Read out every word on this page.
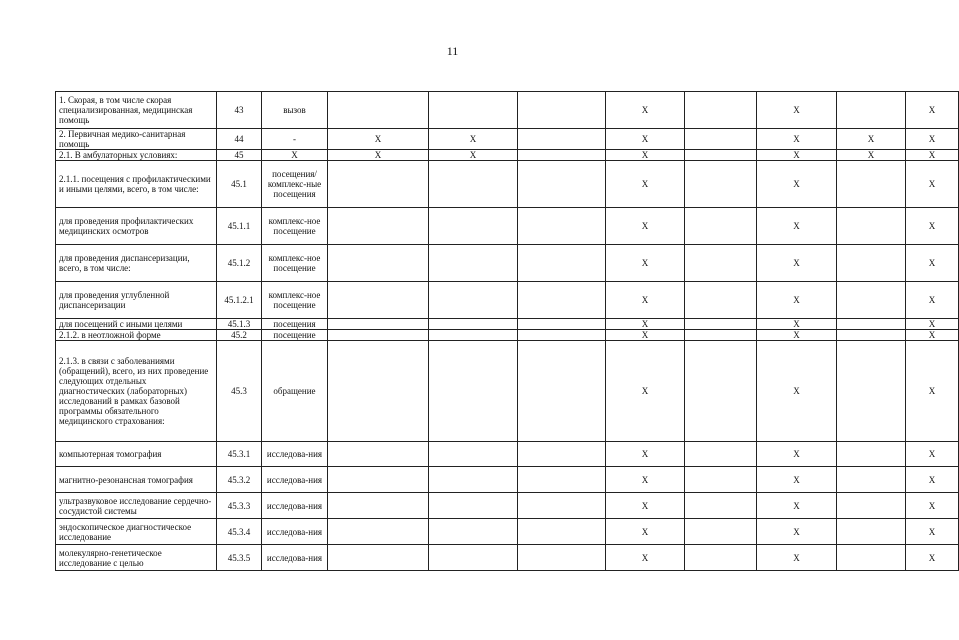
11
1. Скорая, в том числе скорая специализированная, медицинская помощь	43	вызов				Х		Х		Х
2. Первичная медико-санитарная помощь	44	-	Х	Х		Х		Х	Х	Х
2.1. В амбулаторных условиях:	45	Х	Х	Х		Х		Х	Х	Х
2.1.1. посещения с профилактическими и иными целями, всего, в том числе:	45.1	посещения/ комплекс-ные посещения				Х		Х		Х
для проведения профилактических медицинских осмотров	45.1.1	комплекс-ное посещение				Х		Х		Х
для проведения диспансеризации, всего, в том числе:	45.1.2	комплекс-ное посещение				Х		Х		Х
для проведения углубленной диспансеризации	45.1.2.1	комплекс-ное посещение				Х		Х		Х
для посещений с иными целями	45.1.3	посещения				Х		Х		Х
2.1.2. в неотложной форме	45.2	посещение				Х		Х		Х
2.1.3. в связи с заболеваниями (обращений), всего, из них проведение следующих отдельных диагностических (лабораторных) исследований в рамках базовой программы обязательного медицинского страхования:	45.3	обращение				Х		Х		Х
компьютерная томография	45.3.1	исследова-ния				Х		Х		Х
магнитно-резонансная томография	45.3.2	исследова-ния				Х		Х		Х
ультразвуковое исследование сердечно-сосудистой системы	45.3.3	исследова-ния				Х		Х		Х
эндоскопическое диагностическое исследование	45.3.4	исследова-ния				Х		Х		Х
молекулярно-генетическое исследование с целью	45.3.5	исследова-ния				Х		Х		Х
